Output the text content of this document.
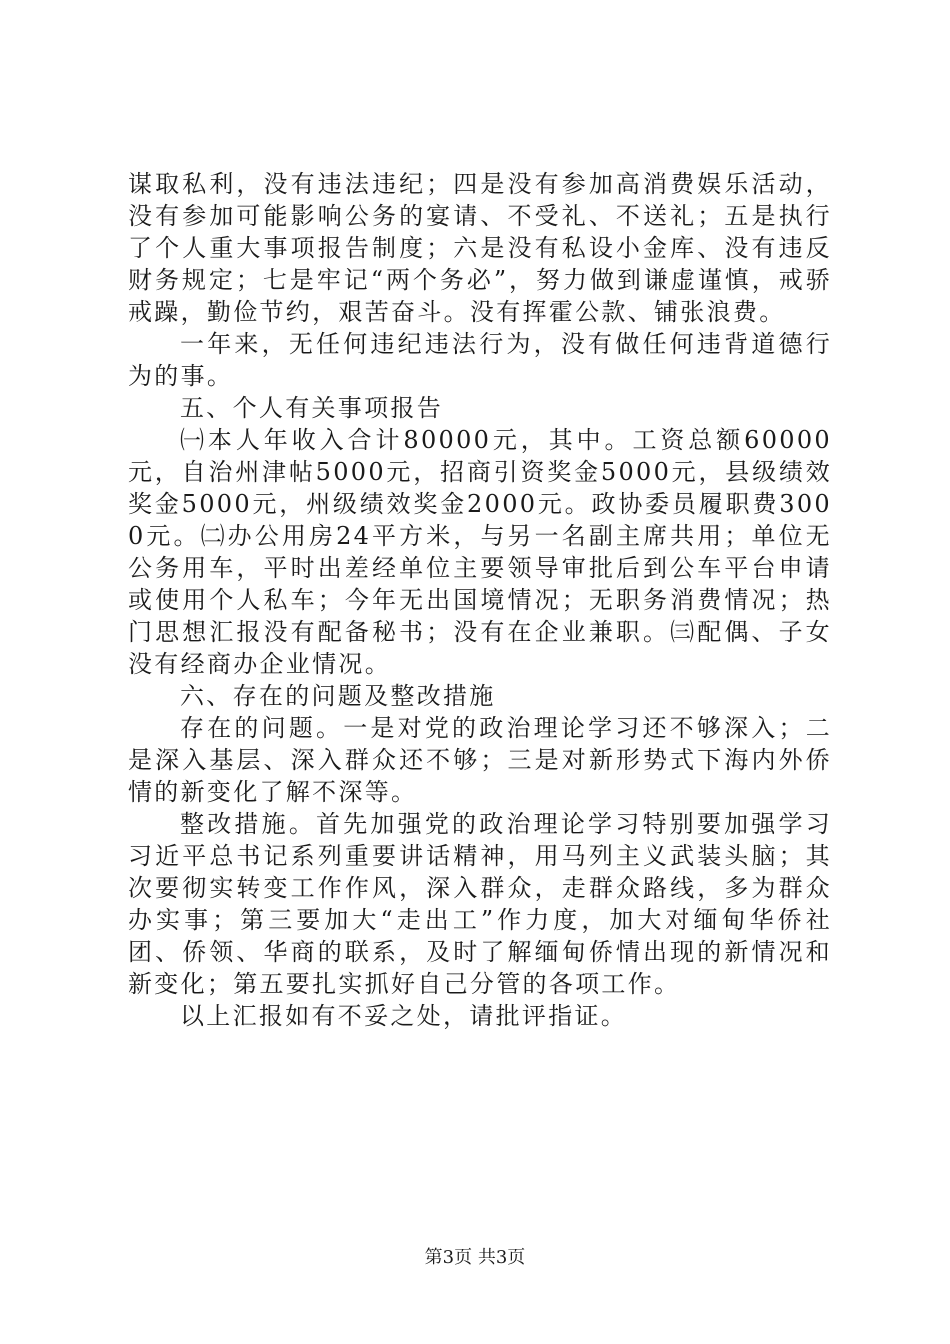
谋取私利，没有违法违纪；四是没有参加高消费娱乐活动，没有参加可能影响公务的宴请、不受礼、不送礼；五是执行了个人重大事项报告制度；六是没有私设小金库、没有违反财务规定；七是牢记“两个务必”，努力做到谦虚谨慎，戒骄戒躁，勤俭节约，艰苦奋斗。没有挥霍公款、铺张浪费。

一年来，无任何违纪违法行为，没有做任何违背道德行为的事。

五、个人有关事项报告

㈠本人年收入合计80000元，其中。工资总额60000元，自治州津帖5000元，招商引资奖金5000元，县级绩效奖金5000元，州级绩效奖金2000元。政协委员履职费3000元。㈡办公用房24平方米，与另一名副主席共用；单位无公务用车，平时出差经单位主要领导审批后到公车平台申请或使用个人私车；今年无出国境情况；无职务消费情况；热门思想汇报没有配备秘书；没有在企业兼职。㈢配偶、子女没有经商办企业情况。

六、存在的问题及整改措施

存在的问题。一是对党的政治理论学习还不够深入；二是深入基层、深入群众还不够；三是对新形势式下海内外侨情的新变化了解不深等。

整改措施。首先加强党的政治理论学习特别要加强学习习近平总书记系列重要讲话精神，用马列主义武装头脑；其次要彻实转变工作作风，深入群众，走群众路线，多为群众办实事；第三要加大“走出工”作力度，加大对缅甸华侨社团、侨领、华商的联系，及时了解缅甸侨情出现的新情况和新变化；第五要扎实抓好自己分管的各项工作。

以上汇报如有不妥之处，请批评指证。

第3页 共3页
